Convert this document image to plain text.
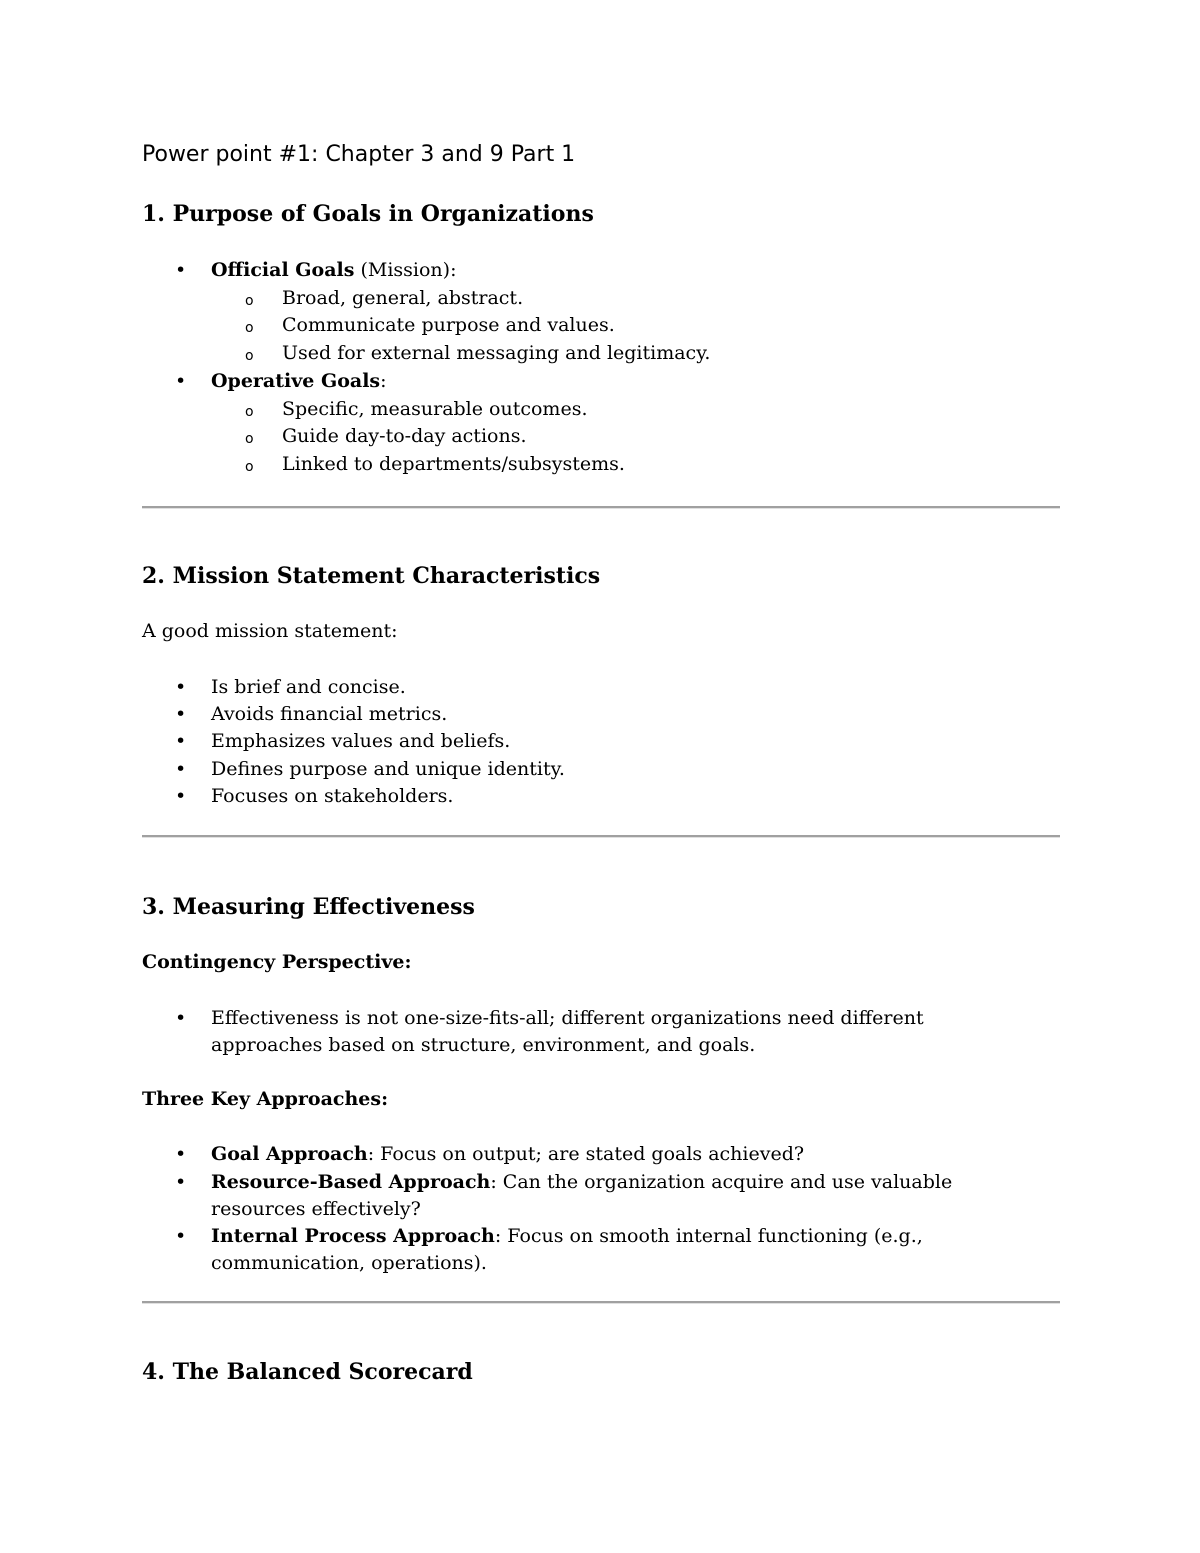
Power point #1: Chapter 3 and 9 Part 1
1. Purpose of Goals in Organizations
• Official Goals (Mission):
o Broad, general, abstract.
o Communicate purpose and values.
o Used for external messaging and legitimacy.
• Operative Goals:
o Specific, measurable outcomes.
o Guide day-to-day actions.
o Linked to departments/subsystems.
2. Mission Statement Characteristics
A good mission statement:
• Is brief and concise.
• Avoids financial metrics.
• Emphasizes values and beliefs.
• Defines purpose and unique identity.
• Focuses on stakeholders.
3. Measuring Effectiveness
Contingency Perspective:
• Effectiveness is not one-size-fits-all; different organizations need different approaches based on structure, environment, and goals.
Three Key Approaches:
• Goal Approach: Focus on output; are stated goals achieved?
• Resource-Based Approach: Can the organization acquire and use valuable resources effectively?
• Internal Process Approach: Focus on smooth internal functioning (e.g., communication, operations).
4. The Balanced Scorecard
